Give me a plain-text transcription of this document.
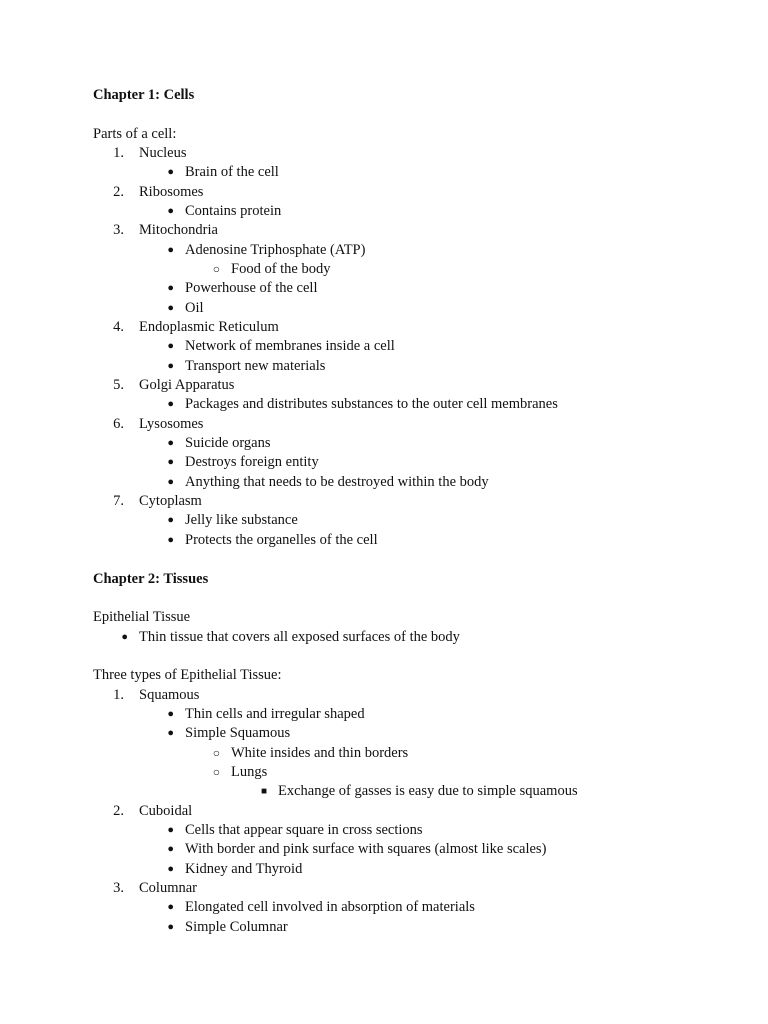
Chapter 1: Cells
Parts of a cell:
1. Nucleus
● Brain of the cell
2. Ribosomes
● Contains protein
3. Mitochondria
● Adenosine Triphosphate (ATP)
○ Food of the body
● Powerhouse of the cell
● Oil
4. Endoplasmic Reticulum
● Network of membranes inside a cell
● Transport new materials
5. Golgi Apparatus
● Packages and distributes substances to the outer cell membranes
6. Lysosomes
● Suicide organs
● Destroys foreign entity
● Anything that needs to be destroyed within the body
7. Cytoplasm
● Jelly like substance
● Protects the organelles of the cell
Chapter 2: Tissues
Epithelial Tissue
● Thin tissue that covers all exposed surfaces of the body
Three types of Epithelial Tissue:
1. Squamous
● Thin cells and irregular shaped
● Simple Squamous
○ White insides and thin borders
○ Lungs
■ Exchange of gasses is easy due to simple squamous
2. Cuboidal
● Cells that appear square in cross sections
● With border and pink surface with squares (almost like scales)
● Kidney and Thyroid
3. Columnar
● Elongated cell involved in absorption of materials
● Simple Columnar
